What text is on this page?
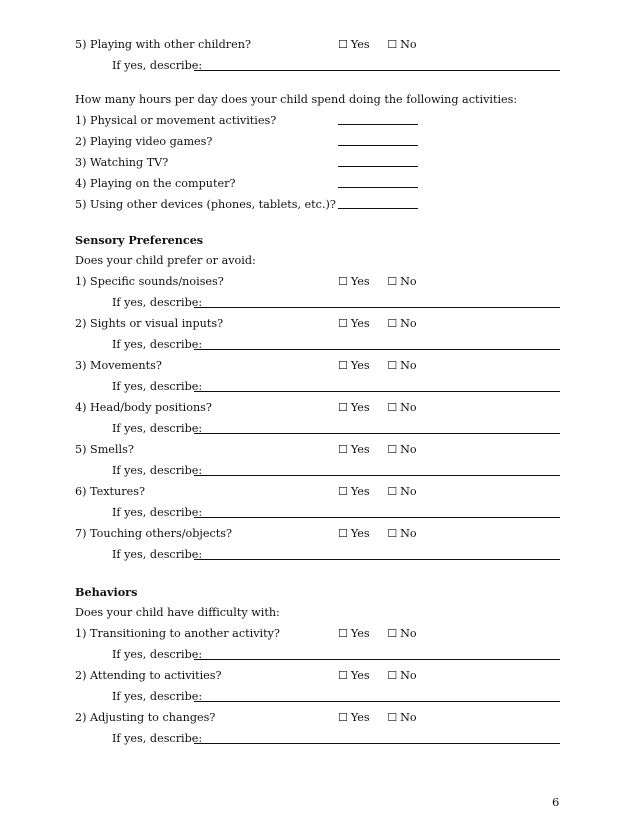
5) Playing with other children?	☐ Yes ☐ No
If yes, describe:
How many hours per day does your child spend doing the following activities:
1) Physical or movement activities?
2) Playing video games?
3) Watching TV?
4) Playing on the computer?
5) Using other devices (phones, tablets, etc.)?
Sensory Preferences
Does your child prefer or avoid:
1) Specific sounds/noises?	☐ Yes ☐ No
If yes, describe:
2) Sights or visual inputs?	☐ Yes ☐ No
If yes, describe:
3) Movements?	☐ Yes ☐ No
If yes, describe:
4) Head/body positions?	☐ Yes ☐ No
If yes, describe:
5) Smells?	☐ Yes ☐ No
If yes, describe:
6) Textures?	☐ Yes ☐ No
If yes, describe:
7) Touching others/objects?	☐ Yes ☐ No
If yes, describe:
Behaviors
Does your child have difficulty with:
1) Transitioning to another activity?	☐ Yes ☐ No
If yes, describe:
2) Attending to activities?	☐ Yes ☐ No
If yes, describe:
2) Adjusting to changes?	☐ Yes ☐ No
If yes, describe:
6
